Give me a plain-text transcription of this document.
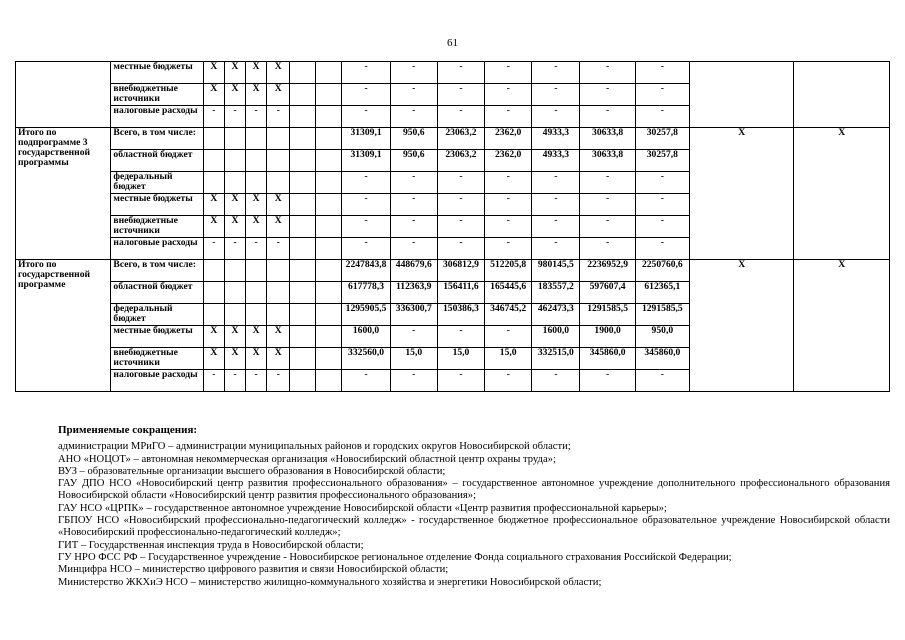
61
	местные бюджеты	X	X	X	X			-	-	-	-	-	-	-		
	внебюджетные источники	X	X	X	X			-	-	-	-	-	-	-		
	налоговые расходы	-	-	-	-			-	-	-	-	-	-	-		
Итого по подпрограмме 3 государственной программы	Всего, в том числе:							31309,1	950,6	23063,2	2362,0	4933,3	30633,8	30257,8	X	X
	областной бюджет							31309,1	950,6	23063,2	2362,0	4933,3	30633,8	30257,8		
	федеральный бюджет							-	-	-	-	-	-	-		
	местные бюджеты	X	X	X	X			-	-	-	-	-	-	-		
	внебюджетные источники	X	X	X	X			-	-	-	-	-	-	-		
	налоговые расходы	-	-	-	-			-	-	-	-	-	-	-		
Итого по государственной программе	Всего, в том числе:							2247843,8	448679,6	306812,9	512205,8	980145,5	2236952,9	2250760,6	X	X
	областной бюджет							617778,3	112363,9	156411,6	165445,6	183557,2	597607,4	612365,1		
	федеральный бюджет							1295905,5	336300,7	150386,3	346745,2	462473,3	1291585,5	1291585,5		
	местные бюджеты	X	X	X	X			1600,0	-	-	-	1600,0	1900,0	950,0		
	внебюджетные источники	X	X	X	X			332560,0	15,0	15,0	15,0	332515,0	345860,0	345860,0		
	налоговые расходы	-	-	-	-			-	-	-	-	-	-	-		
Применяемые сокращения:
администрации МРиГО – администрации муниципальных районов и городских округов Новосибирской области;
АНО «НОЦОТ» – автономная некоммерческая организация «Новосибирский областной центр охраны труда»;
ВУЗ – образовательные организации высшего образования в Новосибирской области;
ГАУ ДПО НСО «Новосибирский центр развития профессионального образования» – государственное автономное учреждение дополнительного профессионального образования Новосибирской области «Новосибирский центр развития профессионального образования»;
ГАУ НСО «ЦРПК» – государственное автономное учреждение Новосибирской области «Центр развития профессиональной карьеры»;
ГБПОУ НСО «Новосибирский профессионально-педагогический колледж» - государственное бюджетное профессиональное образовательное учреждение Новосибирской области «Новосибирский профессионально-педагогический колледж»;
ГИТ – Государственная инспекция труда в Новосибирской области;
ГУ НРО ФСС РФ – Государственное учреждение - Новосибирское региональное отделение Фонда социального страхования Российской Федерации;
Минцифра НСО – министерство цифрового развития и связи Новосибирской области;
Министерство ЖКХиЭ НСО – министерство жилищно-коммунального хозяйства и энергетики Новосибирской области;
